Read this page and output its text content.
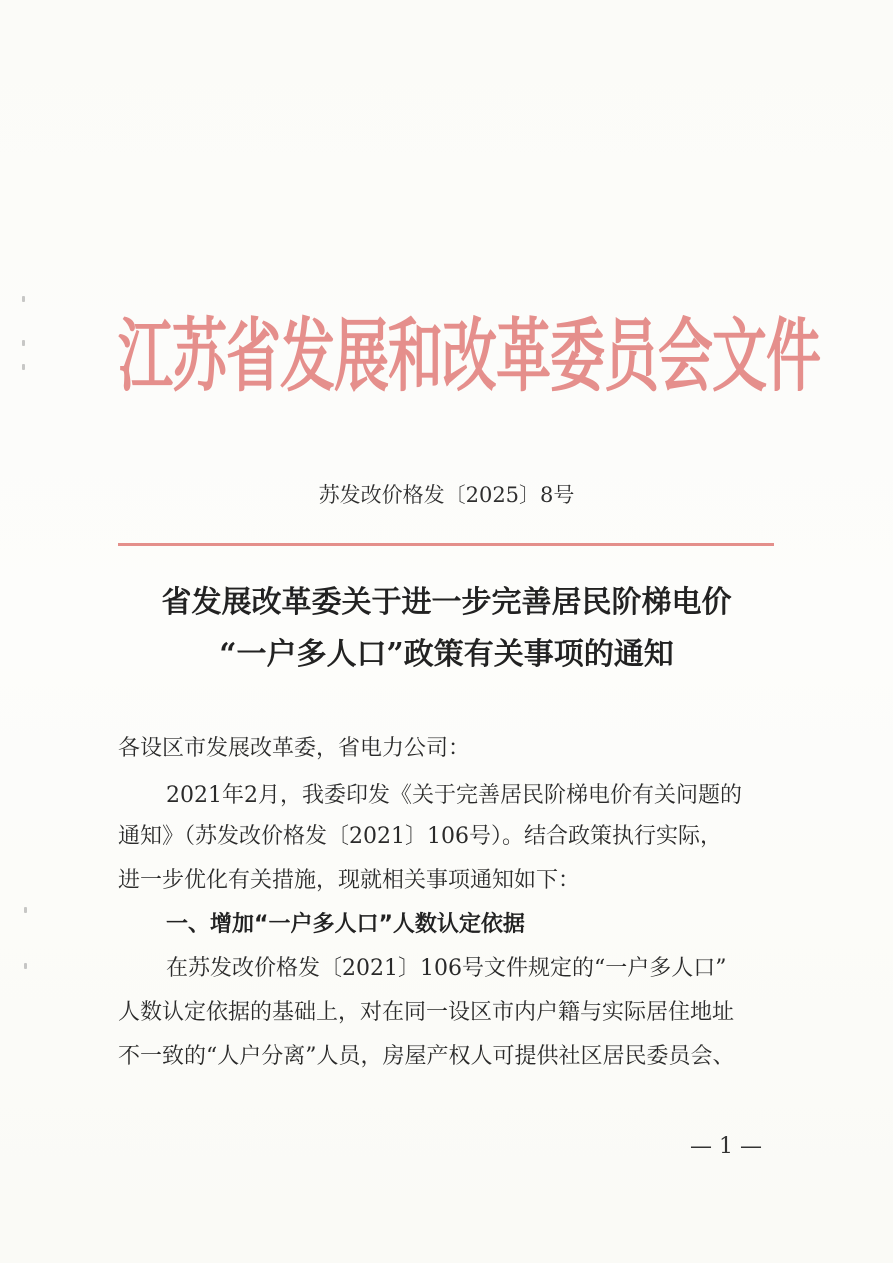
江苏省发展和改革委员会文件
苏发改价格发〔2025〕8号
省发展改革委关于进一步完善居民阶梯电价
“一户多人口”政策有关事项的通知

各设区市发展改革委，省电力公司：

2021年2月，我委印发《关于完善居民阶梯电价有关问题的

通知》（苏发改价格发〔2021〕106号）。结合政策执行实际，

进一步优化有关措施，现就相关事项通知如下：

一、增加“一户多人口”人数认定依据

在苏发改价格发〔2021〕106号文件规定的“一户多人口”

人数认定依据的基础上，对在同一设区市内户籍与实际居住地址

不一致的“人户分离”人员，房屋产权人可提供社区居民委员会、

— 1 —
